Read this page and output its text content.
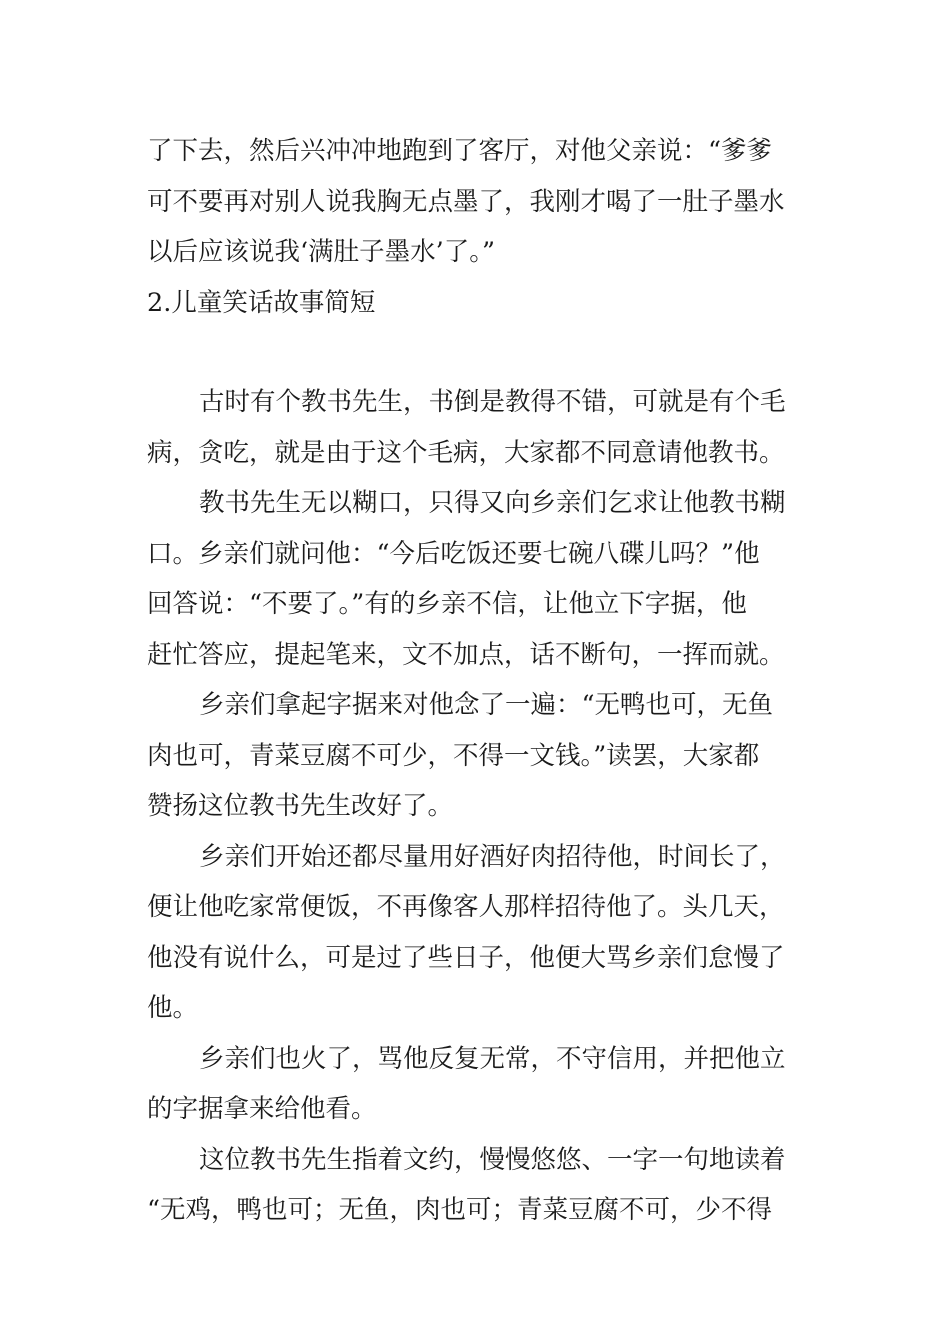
了下去，然后兴冲冲地跑到了客厅，对他父亲说：“爹爹
可不要再对别人说我胸无点墨了，我刚才喝了一肚子墨水
以后应该说我‘满肚子墨水’了。”
2.儿童笑话故事简短
古时有个教书先生，书倒是教得不错，可就是有个毛
病，贪吃，就是由于这个毛病，大家都不同意请他教书。
教书先生无以糊口，只得又向乡亲们乞求让他教书糊
口。乡亲们就问他：“今后吃饭还要七碗八碟儿吗？”他
回答说：“不要了。”有的乡亲不信，让他立下字据，他
赶忙答应，提起笔来，文不加点，话不断句，一挥而就。
乡亲们拿起字据来对他念了一遍：“无鸭也可，无鱼
肉也可，青菜豆腐不可少，不得一文钱。”读罢，大家都
赞扬这位教书先生改好了。
乡亲们开始还都尽量用好酒好肉招待他，时间长了，
便让他吃家常便饭，不再像客人那样招待他了。头几天，
他没有说什么，可是过了些日子，他便大骂乡亲们怠慢了
他。
乡亲们也火了，骂他反复无常，不守信用，并把他立
的字据拿来给他看。
这位教书先生指着文约，慢慢悠悠、一字一句地读着
“无鸡，鸭也可；无鱼，肉也可；青菜豆腐不可，少不得
